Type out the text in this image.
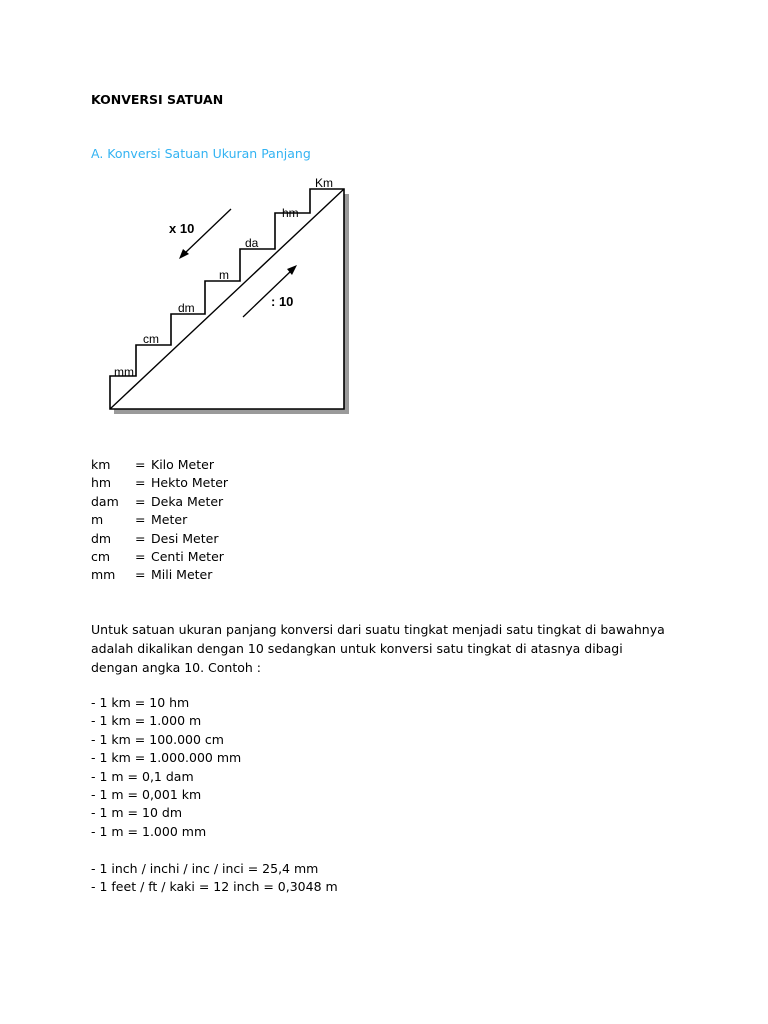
KONVERSI SATUAN
A. Konversi Satuan Ukuran Panjang
mm
cm
dm
m
da
hm
Km
x 10
: 10
km = Kilo Meter
hm = Hekto Meter
dam = Deka Meter
m	= Meter
dm = Desi Meter
cm = Centi Meter
mm = Mili Meter
Untuk satuan ukuran panjang konversi dari suatu tingkat menjadi satu tingkat di bawahnya adalah dikalikan dengan 10 sedangkan untuk konversi satu tingkat di atasnya dibagi dengan angka 10. Contoh :
- 1 km = 10 hm
- 1 km = 1.000 m
- 1 km = 100.000 cm
- 1 km = 1.000.000 mm
- 1 m = 0,1 dam
- 1 m = 0,001 km
- 1 m = 10 dm
- 1 m = 1.000 mm
- 1 inch / inchi / inc / inci = 25,4 mm
- 1 feet / ft / kaki = 12 inch = 0,3048 m
